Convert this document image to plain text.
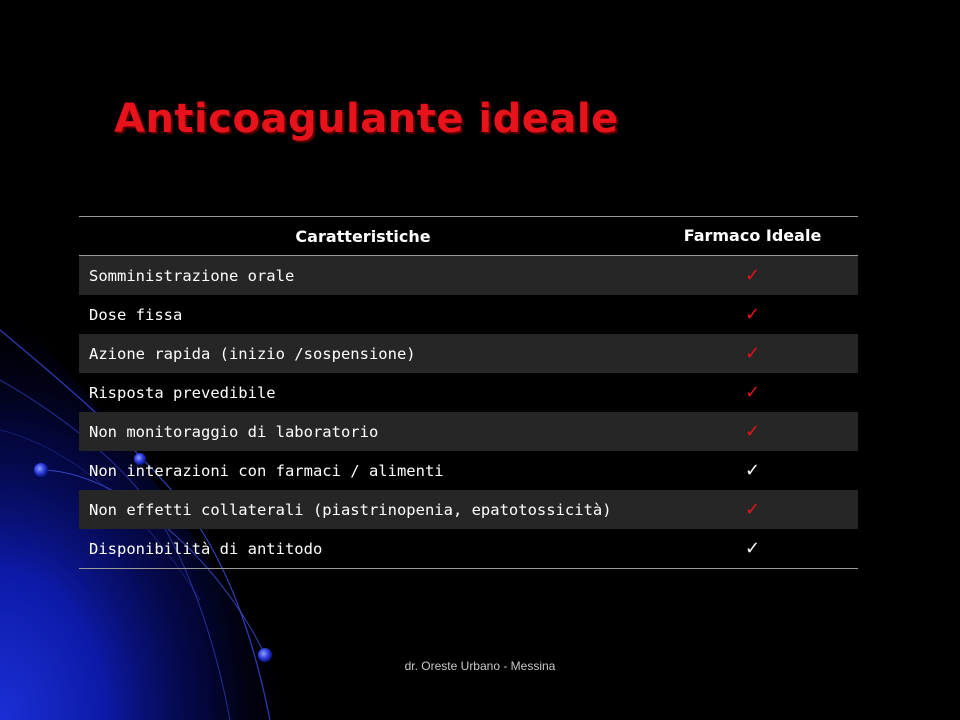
Anticoagulante ideale
Caratteristiche	Farmaco Ideale
Somministrazione orale	✓
Dose fissa	✓
Azione rapida (inizio /sospensione)	✓
Risposta prevedibile	✓
Non monitoraggio di laboratorio	✓
Non interazioni con farmaci / alimenti	✓
Non effetti collaterali (piastrinopenia, epatotossicità)	✓
Disponibilità di antitodo	✓
dr. Oreste Urbano - Messina
